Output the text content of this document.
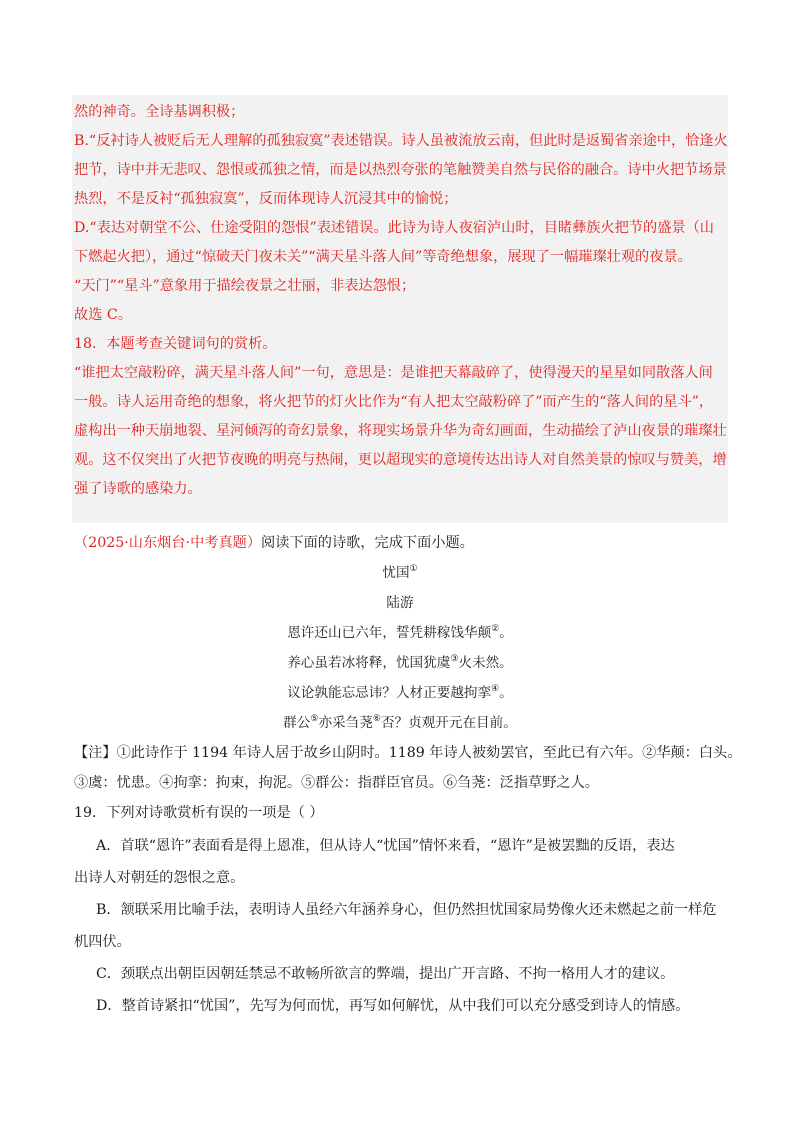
然的神奇。全诗基调积极；
B.“反衬诗人被贬后无人理解的孤独寂寞”表述错误。诗人虽被流放云南，但此时是返蜀省亲途中，恰逢火
把节，诗中并无悲叹、怨恨或孤独之情，而是以热烈夸张的笔触赞美自然与民俗的融合。诗中火把节场景
热烈，不是反衬“孤独寂寞”，反而体现诗人沉浸其中的愉悦；
D.“表达对朝堂不公、仕途受阻的怨恨”表述错误。此诗为诗人夜宿泸山时，目睹彝族火把节的盛景（山
下燃起火把），通过“惊破天门夜未关”“满天星斗落人间”等奇绝想象，展现了一幅璀璨壮观的夜景。
“天门”“星斗”意象用于描绘夜景之壮丽，非表达怨恨；
故选 C。
18．本题考查关键词句的赏析。
“谁把太空敲粉碎，满天星斗落人间”一句，意思是：是谁把天幕敲碎了，使得漫天的星星如同散落人间
一般。诗人运用奇绝的想象，将火把节的灯火比作为“有人把太空敲粉碎了”而产生的“落人间的星斗”，
虚构出一种天崩地裂、星河倾泻的奇幻景象，将现实场景升华为奇幻画面，生动描绘了泸山夜景的璀璨壮
观。这不仅突出了火把节夜晚的明亮与热闹，更以超现实的意境传达出诗人对自然美景的惊叹与赞美，增
强了诗歌的感染力。
（2025·山东烟台·中考真题）阅读下面的诗歌，完成下面小题。
忧国①
陆游
恩许还山已六年，誓凭耕稼饯华颠②。
养心虽若冰将释，忧国犹虞③火未然。
议论孰能忘忌讳？人材正要越拘挛④。
群公⑤亦采刍荛⑥否？贞观开元在目前。
【注】①此诗作于 1194 年诗人居于故乡山阴时。1189 年诗人被劾罢官，至此已有六年。②华颠：白头。
③虞：忧患。④拘挛：拘束，拘泥。⑤群公：指群臣官员。⑥刍荛：泛指草野之人。
19．下列对诗歌赏析有误的一项是（ ）
A．首联“恩许”表面看是得上恩准，但从诗人“忧国”情怀来看，“恩许”是被罢黜的反语，表达
出诗人对朝廷的怨恨之意。
B．颔联采用比喻手法，表明诗人虽经六年涵养身心，但仍然担忧国家局势像火还未燃起之前一样危
机四伏。
C．颈联点出朝臣因朝廷禁忌不敢畅所欲言的弊端，提出广开言路、不拘一格用人才的建议。
D．整首诗紧扣“忧国”，先写为何而忧，再写如何解忧，从中我们可以充分感受到诗人的情感。
